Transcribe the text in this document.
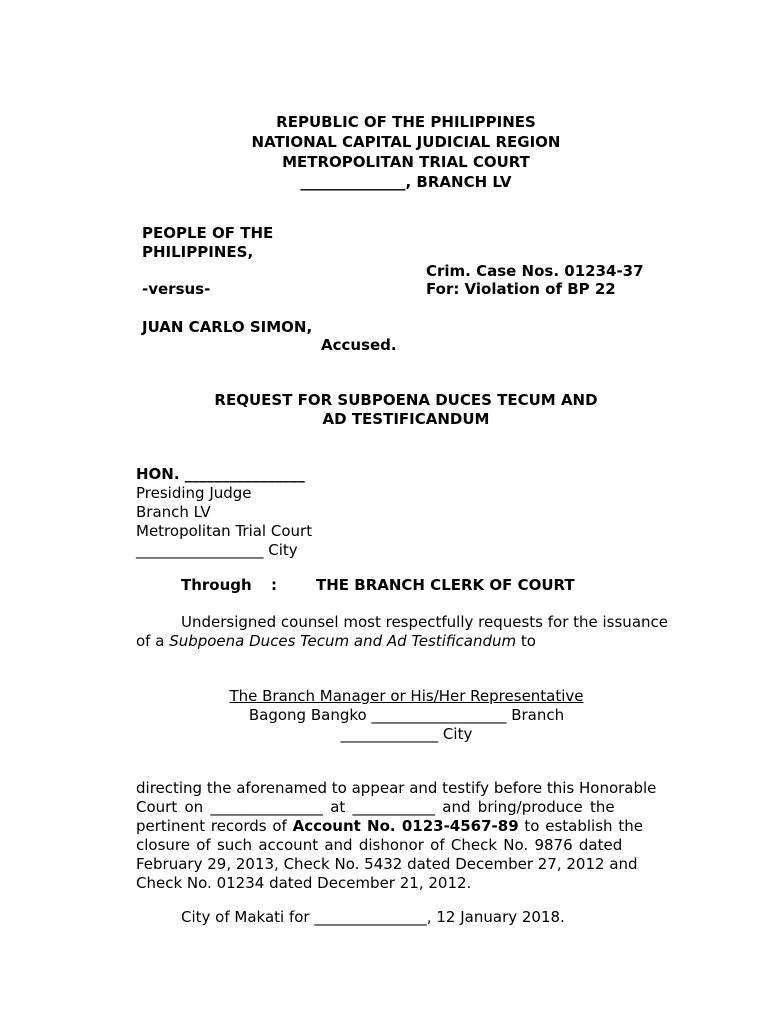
REPUBLIC OF THE PHILIPPINES
NATIONAL CAPITAL JUDICIAL REGION
METROPOLITAN TRIAL COURT
______________, BRANCH LV
PEOPLE OF THE
PHILIPPINES,
-versus-
Crim. Case Nos. 01234-37
For: Violation of BP 22
JUAN CARLO SIMON,
Accused.
REQUEST FOR SUBPOENA DUCES TECUM AND
AD TESTIFICANDUM
HON. ________________
Presiding Judge
Branch LV
Metropolitan Trial Court
_________________ City
Through :	THE BRANCH CLERK OF COURT
Undersigned counsel most respectfully requests for the issuance
of a Subpoena Duces Tecum and Ad Testificandum to
The Branch Manager or His/Her Representative
Bagong Bangko __________________ Branch
_____________ City
directing the aforenamed to appear and testify before this Honorable
Court on _______________ at ___________ and bring/produce the
pertinent records of Account No. 0123-4567-89 to establish the
closure of such account and dishonor of Check No. 9876 dated
February 29, 2013, Check No. 5432 dated December 27, 2012 and
Check No. 01234 dated December 21, 2012.
City of Makati for _______________, 12 January 2018.
